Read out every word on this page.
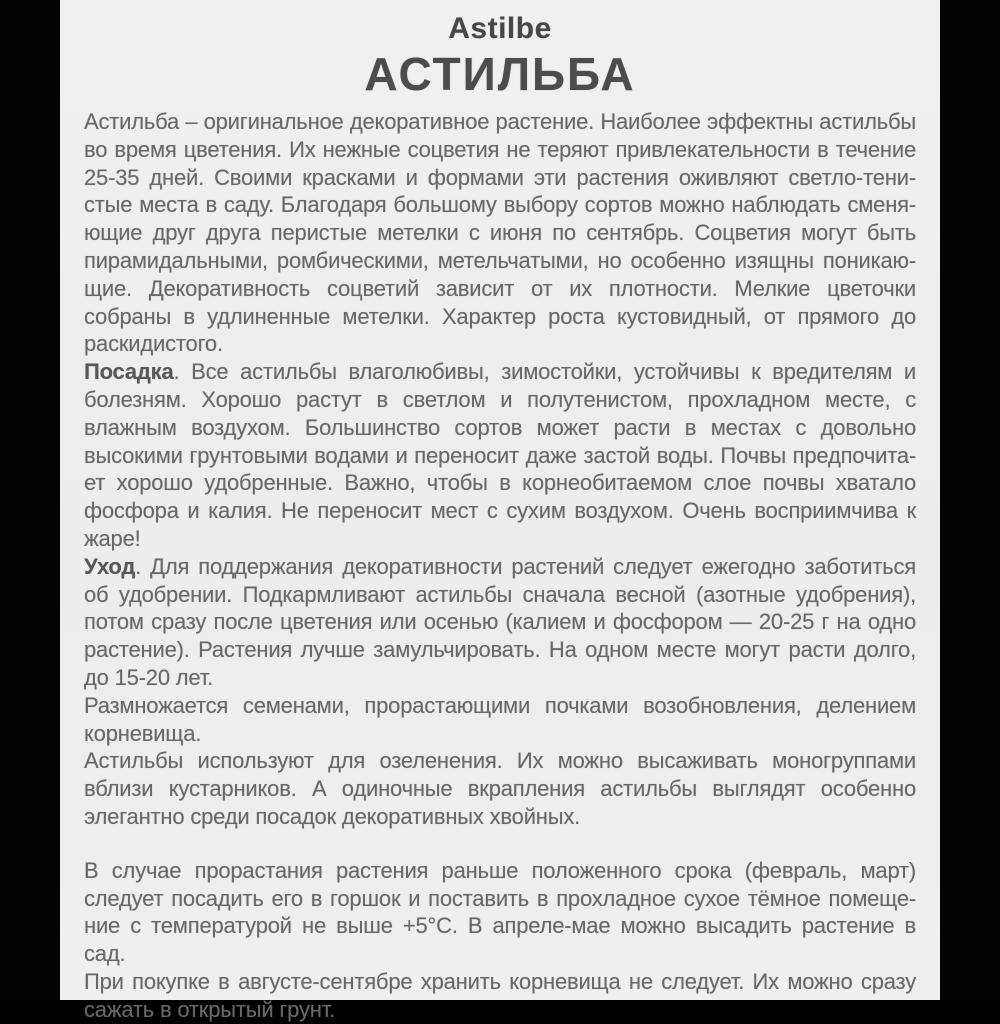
Astilbe
АСТИЛЬБА
Астильба – оригинальное декоративное растение. Наиболее эффектны астильбы
во время цветения. Их нежные соцветия не теряют привлекательности в течение
25-35 дней. Своими красками и формами эти растения оживляют светло-тени-
стые места в саду. Благодаря большому выбору сортов можно наблюдать сменя-
ющие друг друга перистые метелки с июня по сентябрь. Соцветия могут быть
пирамидальными, ромбическими, метельчатыми, но особенно изящны поникаю-
щие. Декоративность соцветий зависит от их плотности. Мелкие цветочки
собраны в удлиненные метелки. Характер роста кустовидный, от прямого до
раскидистого.
Посадка. Все астильбы влаголюбивы, зимостойки, устойчивы к вредителям и
болезням. Хорошо растут в светлом и полутенистом, прохладном месте, с
влажным воздухом. Большинство сортов может расти в местах с довольно
высокими грунтовыми водами и переносит даже застой воды. Почвы предпочита-
ет хорошо удобренные. Важно, чтобы в корнеобитаемом слое почвы хватало
фосфора и калия. Не переносит мест с сухим воздухом. Очень восприимчива к
жаре!
Уход. Для поддержания декоративности растений следует ежегодно заботиться
об удобрении. Подкармливают астильбы сначала весной (азотные удобрения),
потом сразу после цветения или осенью (калием и фосфором — 20-25 г на одно
растение). Растения лучше замульчировать. На одном месте могут расти долго,
до 15-20 лет.
Размножается семенами, прорастающими почками возобновления, делением
корневища.
Астильбы используют для озеленения. Их можно высаживать моногруппами
вблизи кустарников. А одиночные вкрапления астильбы выглядят особенно
элегантно среди посадок декоративных хвойных.
В случае прорастания растения раньше положенного срока (февраль, март)
следует посадить его в горшок и поставить в прохладное сухое тёмное помеще-
ние с температурой не выше +5°С. В апреле-мае можно высадить растение в сад.
При покупке в августе-сентябре хранить корневища не следует. Их можно сразу
сажать в открытый грунт.
